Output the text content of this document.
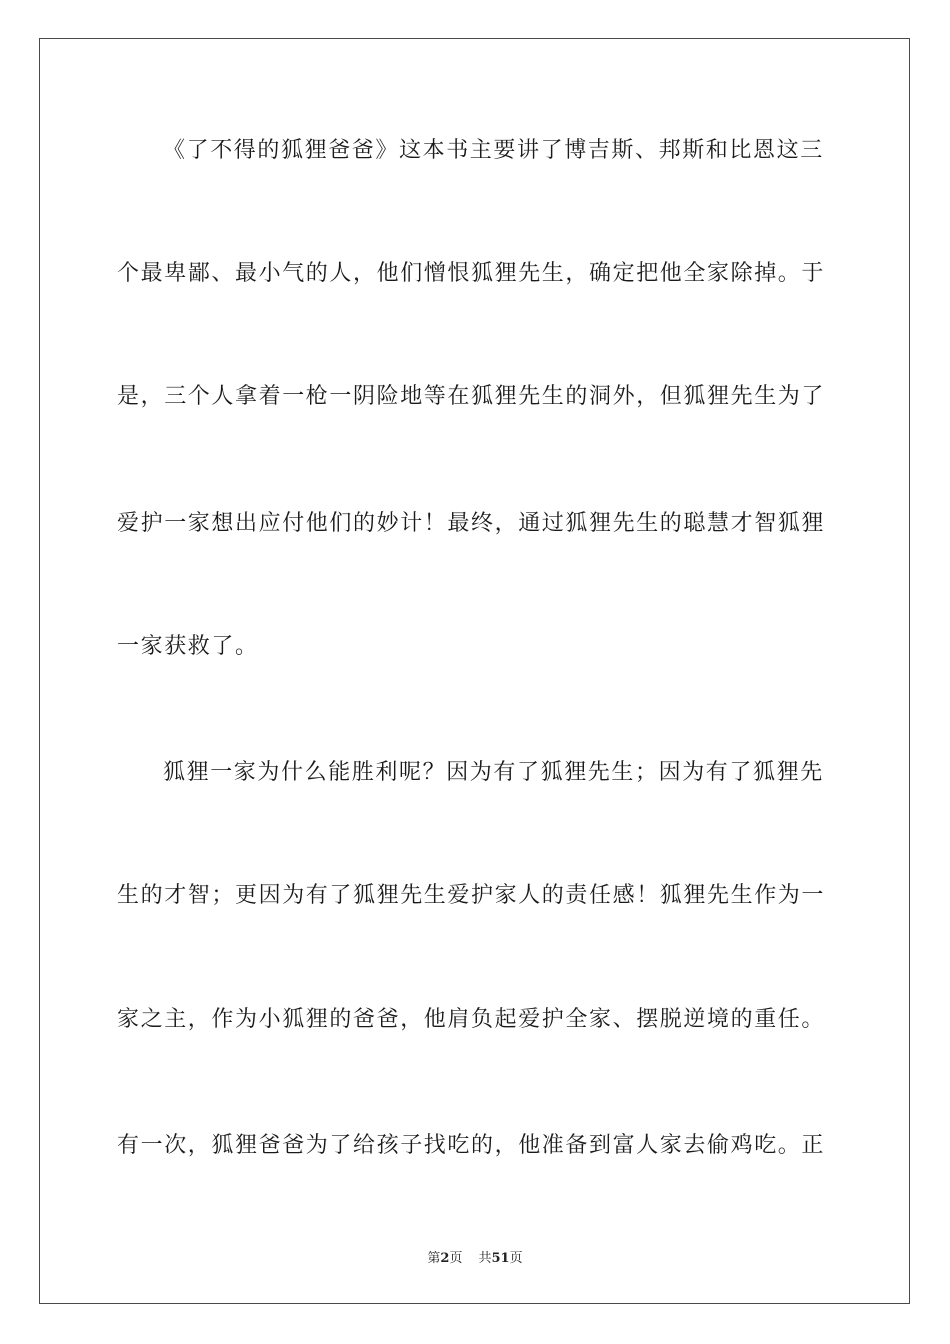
《了不得的狐狸爸爸》这本书主要讲了博吉斯、邦斯和比恩这三
个最卑鄙、最小气的人，他们憎恨狐狸先生，确定把他全家除掉。于
是，三个人拿着一枪一阴险地等在狐狸先生的洞外，但狐狸先生为了
爱护一家想出应付他们的妙计！最终，通过狐狸先生的聪慧才智狐狸
一家获救了。
狐狸一家为什么能胜利呢？因为有了狐狸先生；因为有了狐狸先
生的才智；更因为有了狐狸先生爱护家人的责任感！狐狸先生作为一
家之主，作为小狐狸的爸爸，他肩负起爱护全家、摆脱逆境的重任。
有一次，狐狸爸爸为了给孩子找吃的，他准备到富人家去偷鸡吃。正
第2页 共51页
